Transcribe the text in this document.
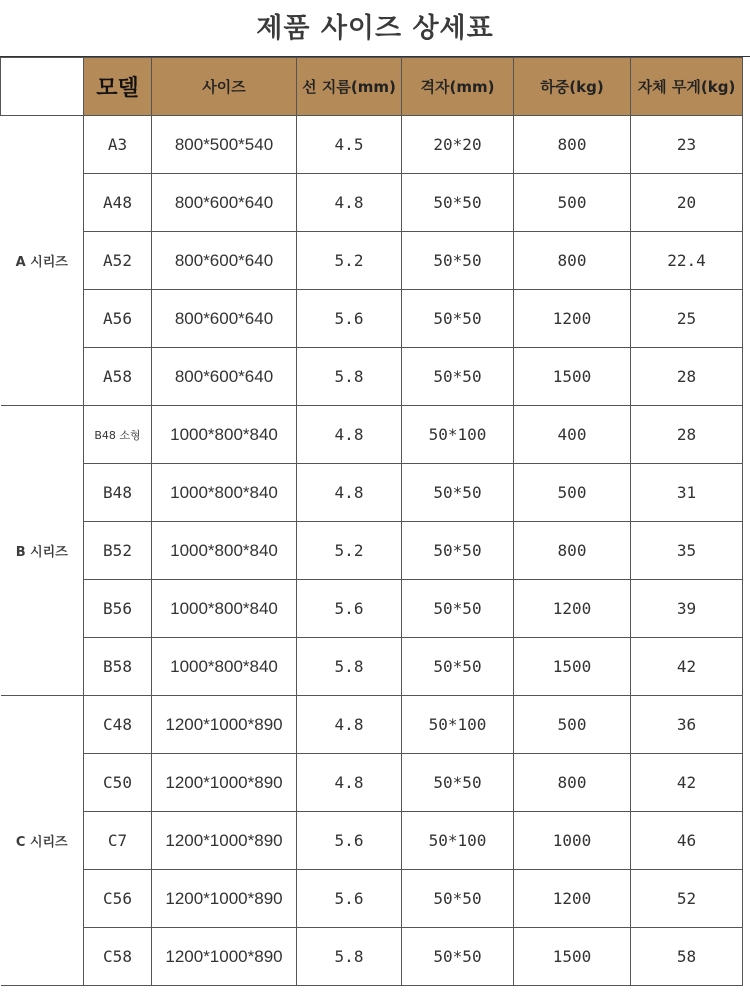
제품 사이즈 상세표
	모델	사이즈	선 지름(mm)	격자(mm)	하중(kg)	자체 무게(kg)
A 시리즈	A3	800*500*540	4.5	20*20	800	23
	A48	800*600*640	4.8	50*50	500	20
	A52	800*600*640	5.2	50*50	800	22.4
	A56	800*600*640	5.6	50*50	1200	25
	A58	800*600*640	5.8	50*50	1500	28
B 시리즈	B48 소형	1000*800*840	4.8	50*100	400	28
	B48	1000*800*840	4.8	50*50	500	31
	B52	1000*800*840	5.2	50*50	800	35
	B56	1000*800*840	5.6	50*50	1200	39
	B58	1000*800*840	5.8	50*50	1500	42
C 시리즈	C48	1200*1000*890	4.8	50*100	500	36
	C50	1200*1000*890	4.8	50*50	800	42
	C7	1200*1000*890	5.6	50*100	1000	46
	C56	1200*1000*890	5.6	50*50	1200	52
	C58	1200*1000*890	5.8	50*50	1500	58
